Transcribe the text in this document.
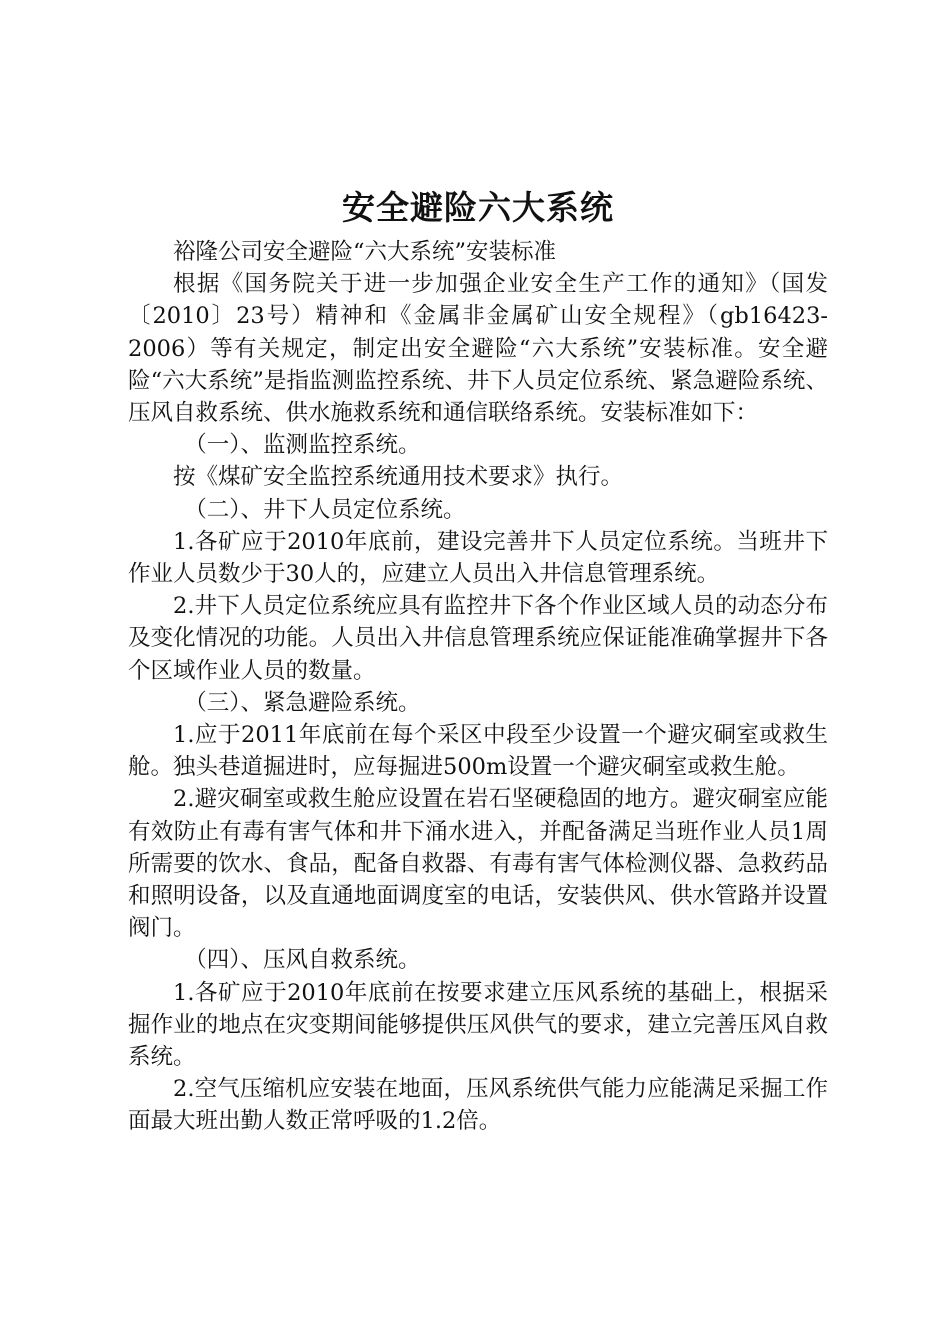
安全避险六大系统

裕隆公司安全避险“六大系统”安装标准

根据《国务院关于进一步加强企业安全生产工作的通知》（国发〔2010〕23号）精神和《金属非金属矿山安全规程》（gb16423-2006）等有关规定，制定出安全避险“六大系统”安装标准。安全避险“六大系统”是指监测监控系统、井下人员定位系统、紧急避险系统、压风自救系统、供水施救系统和通信联络系统。安装标准如下：

（一）、监测监控系统。

按《煤矿安全监控系统通用技术要求》执行。

（二）、井下人员定位系统。

1.各矿应于2010年底前，建设完善井下人员定位系统。当班井下作业人员数少于30人的，应建立人员出入井信息管理系统。

2.井下人员定位系统应具有监控井下各个作业区域人员的动态分布及变化情况的功能。人员出入井信息管理系统应保证能准确掌握井下各个区域作业人员的数量。

（三）、紧急避险系统。

1.应于2011年底前在每个采区中段至少设置一个避灾硐室或救生舱。独头巷道掘进时，应每掘进500m设置一个避灾硐室或救生舱。

2.避灾硐室或救生舱应设置在岩石坚硬稳固的地方。避灾硐室应能有效防止有毒有害气体和井下涌水进入，并配备满足当班作业人员1周所需要的饮水、食品，配备自救器、有毒有害气体检测仪器、急救药品和照明设备，以及直通地面调度室的电话，安装供风、供水管路并设置阀门。

（四）、压风自救系统。

1.各矿应于2010年底前在按要求建立压风系统的基础上，根据采掘作业的地点在灾变期间能够提供压风供气的要求，建立完善压风自救系统。

2.空气压缩机应安装在地面，压风系统供气能力应能满足采掘工作面最大班出勤人数正常呼吸的1.2倍。
